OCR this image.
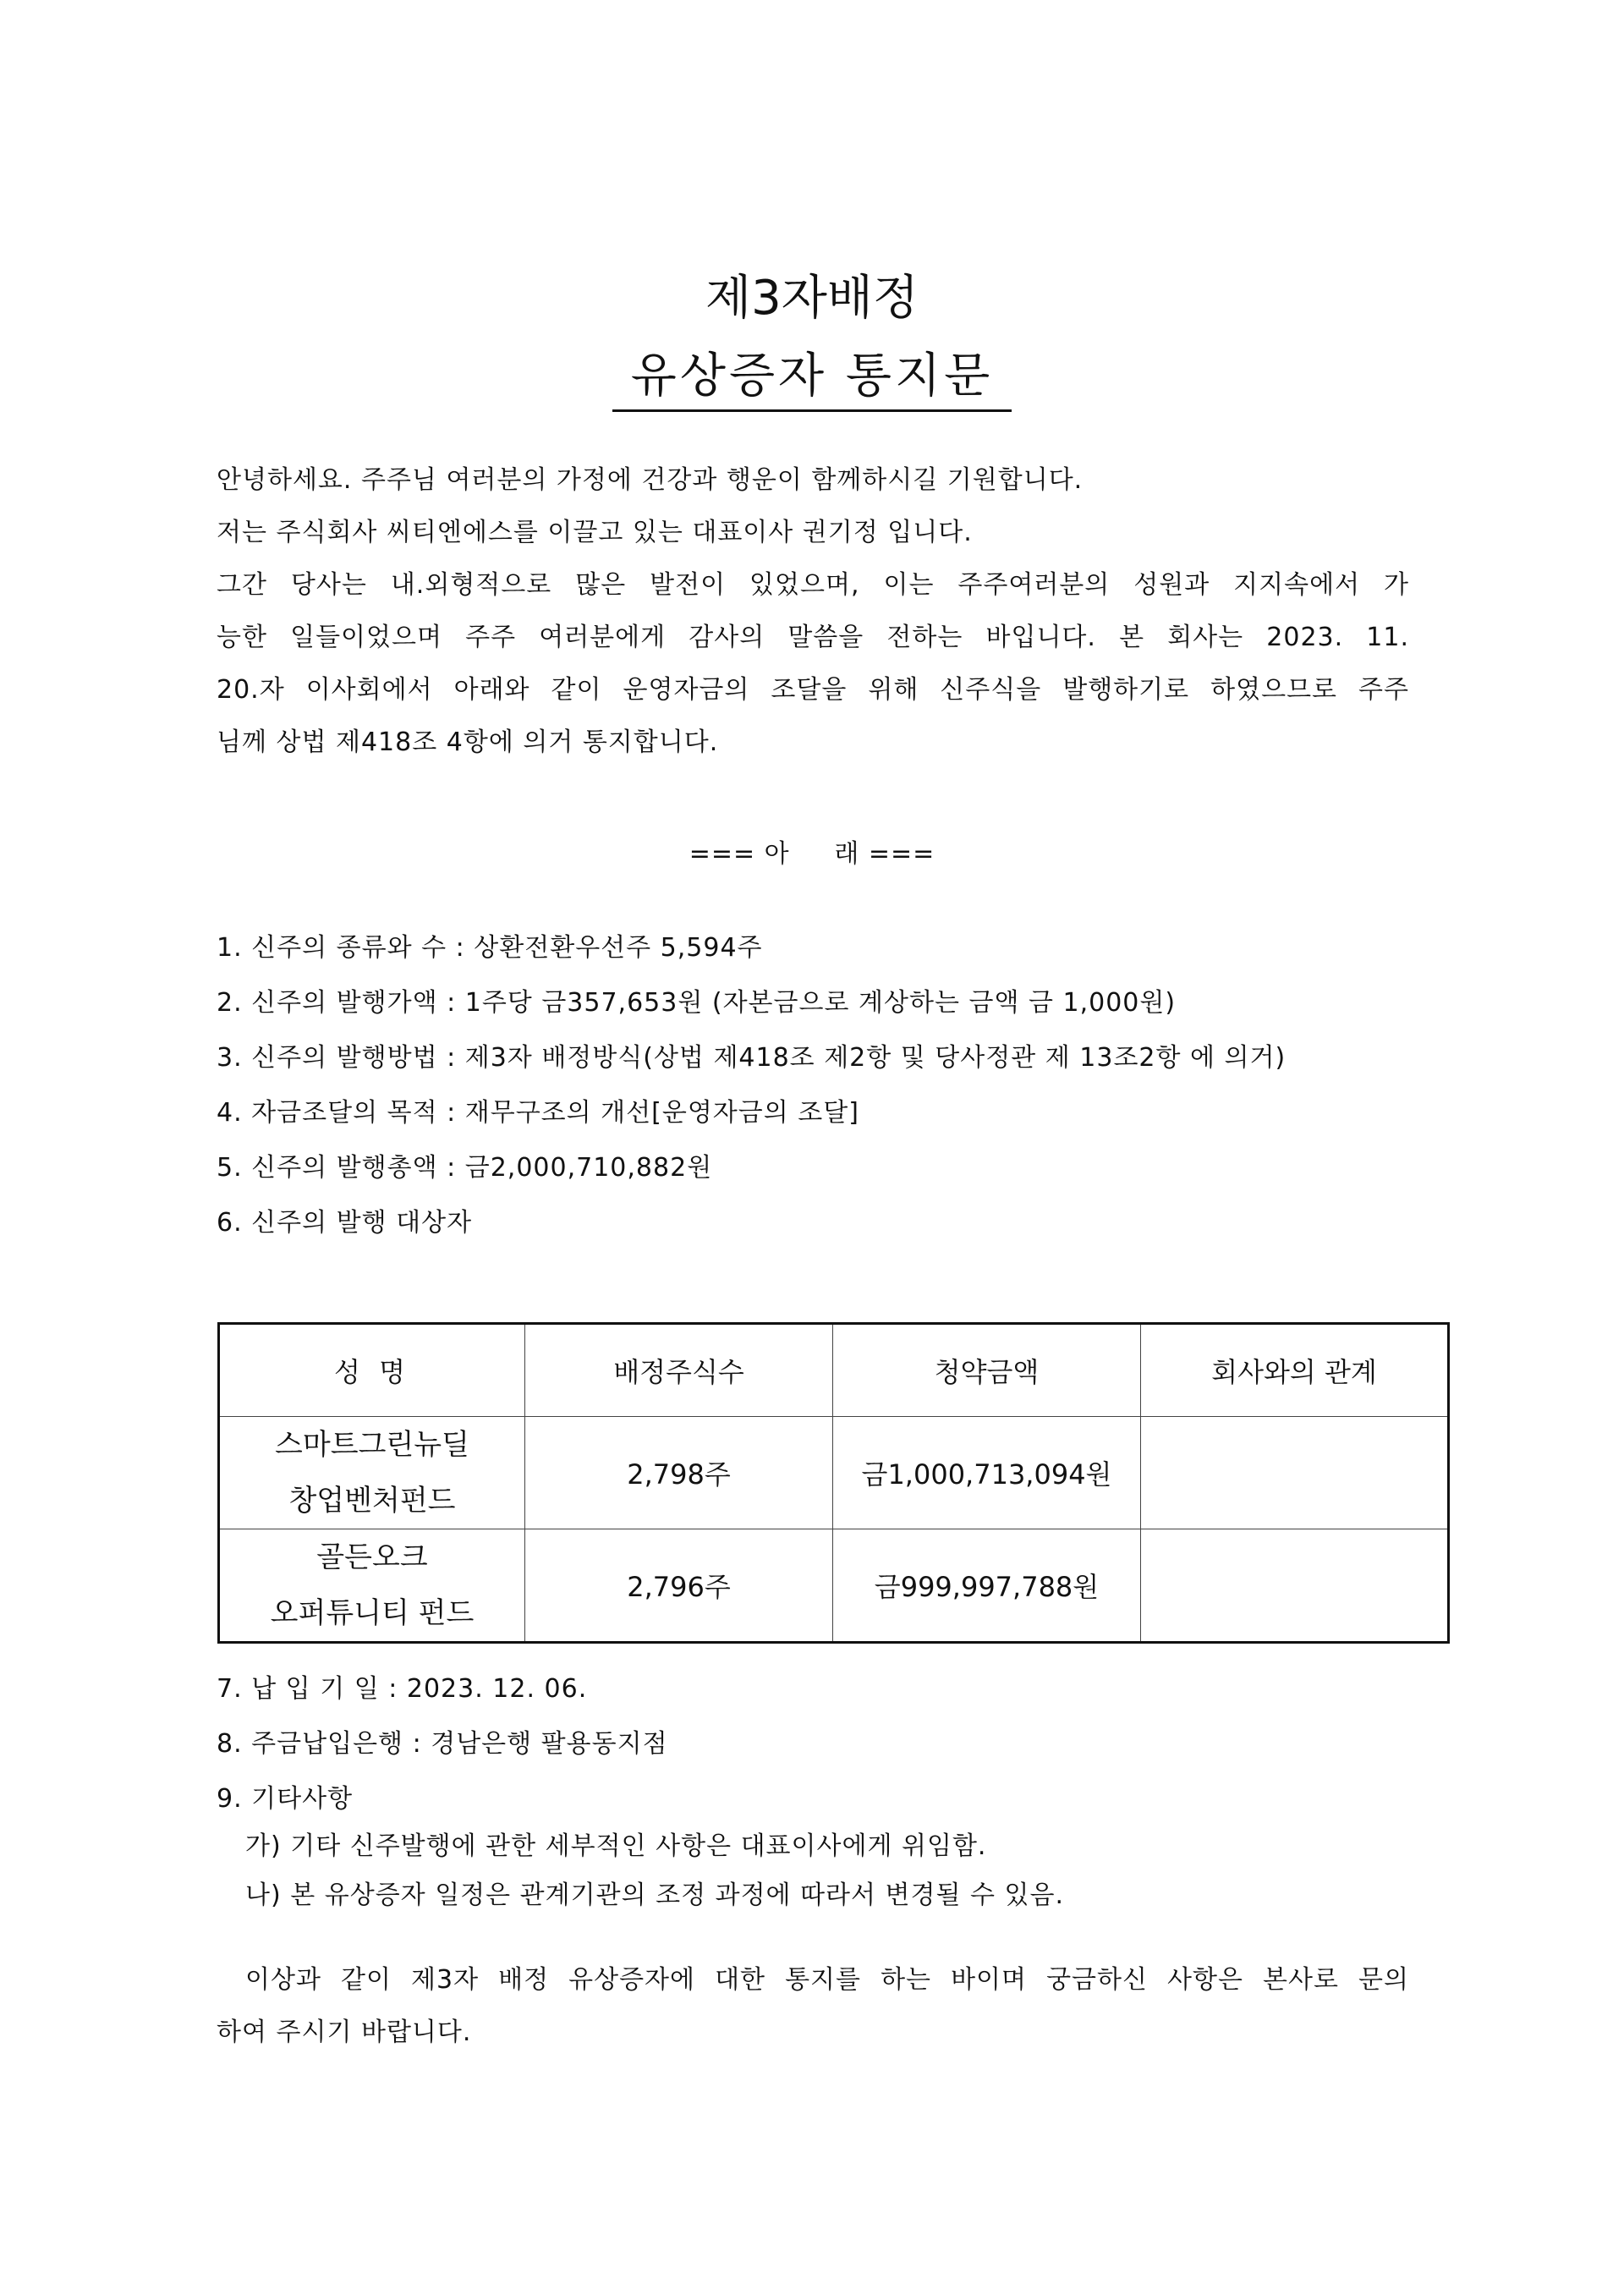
제3자배정
유상증자 통지문
안녕하세요. 주주님 여러분의 가정에 건강과 행운이 함께하시길 기원합니다.
저는 주식회사 씨티엔에스를 이끌고 있는 대표이사 권기정 입니다.
그간 당사는 내.외형적으로 많은 발전이 있었으며, 이는 주주여러분의 성원과 지지속에서 가
능한 일들이었으며 주주 여러분에게 감사의 말씀을 전하는 바입니다. 본 회사는 2023. 11.
20.자 이사회에서 아래와 같이 운영자금의 조달을 위해 신주식을 발행하기로 하였으므로 주주
님께 상법 제418조 4항에 의거 통지합니다.
=== 아     래 ===
1. 신주의 종류와 수 : 상환전환우선주 5,594주
2. 신주의 발행가액 : 1주당 금357,653원 (자본금으로 계상하는 금액 금 1,000원)
3. 신주의 발행방법 : 제3자 배정방식(상법 제418조 제2항 및 당사정관 제 13조2항 에 의거)
4. 자금조달의 목적 : 재무구조의 개선[운영자금의 조달]
5. 신주의 발행총액 : 금2,000,710,882원
6. 신주의 발행 대상자
성 명	배정주식수	청약금액	회사와의 관계

스마트그린뉴딜
창업벤처펀드	2,798주	금1,000,713,094원	

골든오크
오퍼튜니티 펀드	2,796주	금999,997,788원	
7. 납 입 기 일 : 2023. 12. 06.
8. 주금납입은행 : 경남은행 팔용동지점
9. 기타사항
가) 기타 신주발행에 관한 세부적인 사항은 대표이사에게 위임함.
나) 본 유상증자 일정은 관계기관의 조정 과정에 따라서 변경될 수 있음.
이상과 같이 제3자 배정 유상증자에 대한 통지를 하는 바이며 궁금하신 사항은 본사로 문의
하여 주시기 바랍니다.
